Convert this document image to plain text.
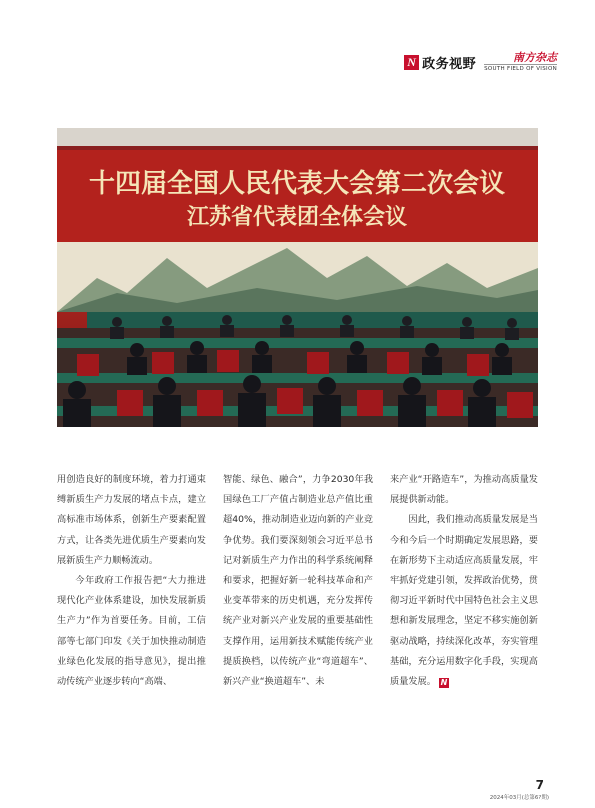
N 政务视野	南方杂志
SOUTH FIELD OF VISION
十四届全国人民代表大会第二次会议
江苏省代表团全体会议

用创造良好的制度环境，着力打通束缚新质生产力发展的堵点卡点，建立高标准市场体系，创新生产要素配置方式，让各类先进优质生产要素向发展新质生产力顺畅流动。

今年政府工作报告把“大力推进现代化产业体系建设，加快发展新质生产力”作为首要任务。目前，工信部等七部门印发《关于加快推动制造业绿色化发展的指导意见》，提出推动传统产业逐步转向“高端、

智能、绿色、融合”，力争2030年我国绿色工厂产值占制造业总产值比重超40%，推动制造业迈向新的产业竞争优势。我们要深刻领会习近平总书记对新质生产力作出的科学系统阐释和要求，把握好新一轮科技革命和产业变革带来的历史机遇，充分发挥传统产业对新兴产业发展的重要基础性支撑作用，运用新技术赋能传统产业提质换档，以传统产业“弯道超车”、新兴产业“换道超车”、未

来产业“开路造车”，为推动高质量发展提供新动能。

因此，我们推动高质量发展是当今和今后一个时期确定发展思路，要在新形势下主动适应高质量发展，牢牢抓好党建引领，发挥政治优势，贯彻习近平新时代中国特色社会主义思想和新发展理念，坚定不移实施创新驱动战略，持续深化改革，夯实管理基础，充分运用数字化手段，实现高质量发展。 N

7
2024年03月(总第6?期)
